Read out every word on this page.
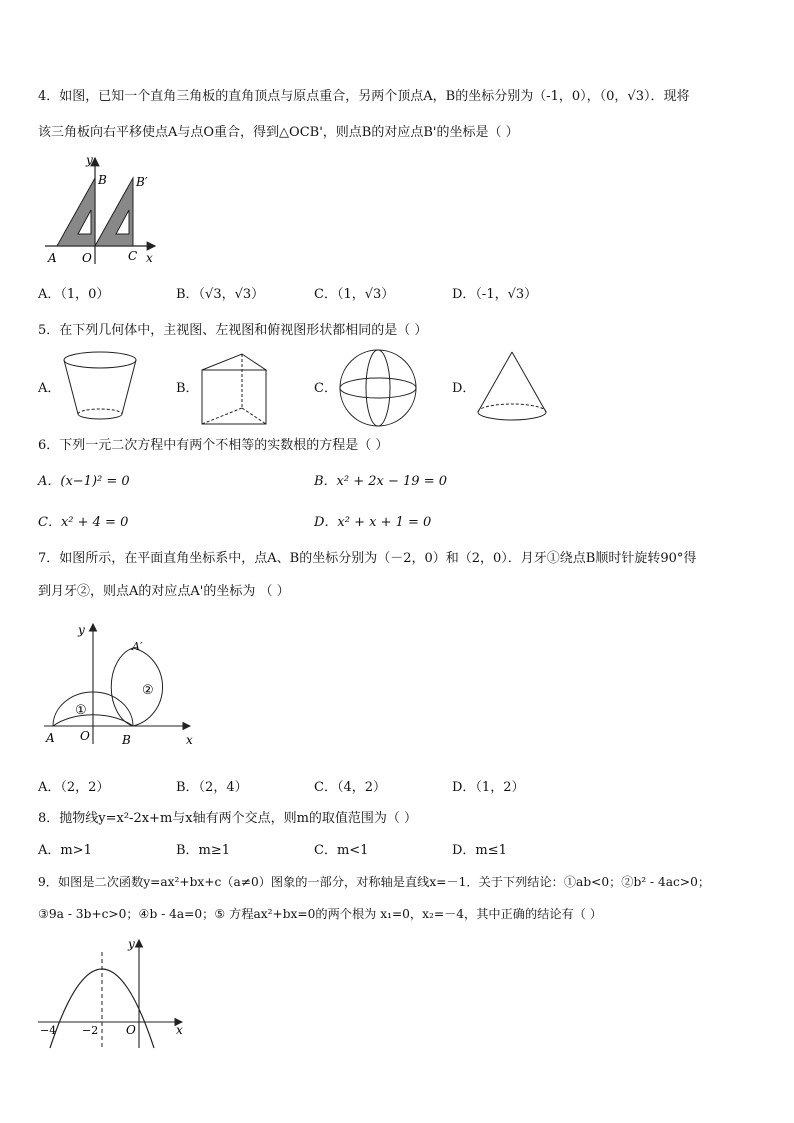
4．如图，已知一个直角三角板的直角顶点与原点重合，另两个顶点A，B的坐标分别为（-1，0），（0，√3）．现将
该三角板向右平移使点A与点O重合，得到△OCB'，则点B的对应点B'的坐标是（ ）
y
B B′
A O	C x
A．（1，0）	B．（√3，√3）	C．（1，√3）	D．（-1，√3）
5．在下列几何体中，主视图、左视图和俯视图形状都相同的是（ ）
A．	B．	C．	D．
6．下列一元二次方程中有两个不相等的实数根的方程是（ ）
A．(x−1)² = 0	B．x² + 2x − 19 = 0
C．x² + 4 = 0	D．x² + x + 1 = 0
7．如图所示，在平面直角坐标系中，点A、B的坐标分别为（－2，0）和（2，0）．月牙①绕点B顺时针旋转90°得
到月牙②，则点A的对应点A'的坐标为 （ ）
y
A′
②
①
A O	B	x
A．（2，2）	B．（2，4）	C．（4，2）	D．（1，2）
8．抛物线y=x²-2x+m与x轴有两个交点，则m的取值范围为（ ）
A．m>1	B．m≥1	C．m<1	D．m≤1
9．如图是二次函数y=ax²+bx+c（a≠0）图象的一部分，对称轴是直线x=－1．关于下列结论：①ab<0；②b² - 4ac>0；
③9a - 3b+c>0；④b - 4a=0；⑤ 方程ax²+bx=0的两个根为 x₁=0，x₂=－4，其中正确的结论有（ ）
y
−4 −2 O	x
